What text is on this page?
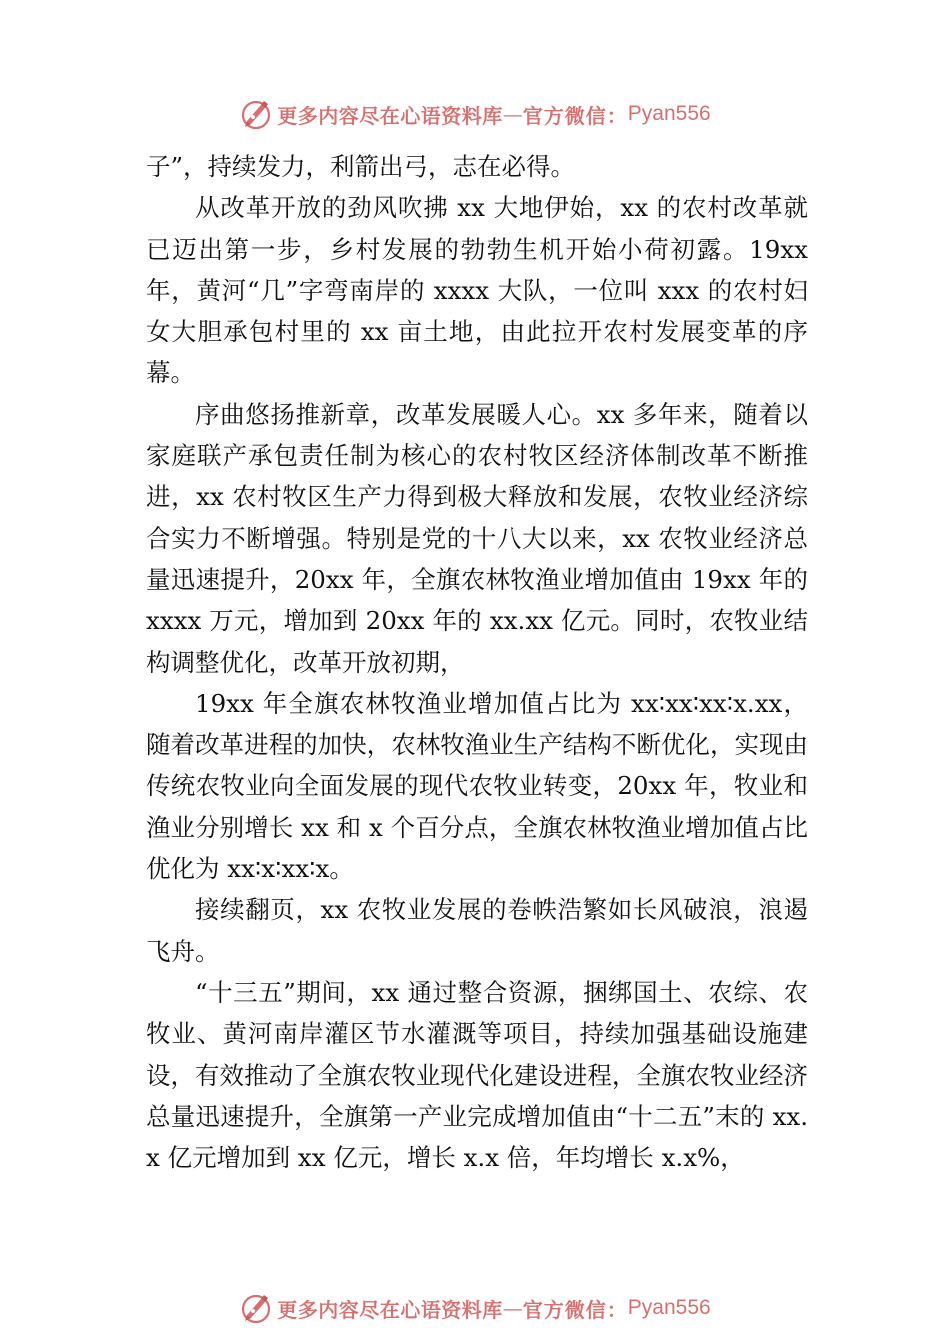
更多内容尽在心语资料库 — 官方微信： Pyan556

子”，持续发力，利箭出弓，志在必得。

从改革开放的劲风吹拂 xx 大地伊始，xx 的农村改革就已迈出第一步，乡村发展的勃勃生机开始小荷初露。19xx 年，黄河“几”字弯南岸的 xxxx 大队，一位叫 xxx 的农村妇女大胆承包村里的 xx 亩土地，由此拉开农村发展变革的序幕。

序曲悠扬推新章，改革发展暖人心。xx 多年来，随着以家庭联产承包责任制为核心的农村牧区经济体制改革不断推进，xx 农村牧区生产力得到极大释放和发展，农牧业经济综合实力不断增强。特别是党的十八大以来，xx 农牧业经济总量迅速提升，20xx 年，全旗农林牧渔业增加值由 19xx 年的 xxxx 万元，增加到 20xx 年的 xx.xx 亿元。同时，农牧业结构调整优化，改革开放初期，

19xx 年全旗农林牧渔业增加值占比为 xx∶xx∶xx∶x.xx，随着改革进程的加快，农林牧渔业生产结构不断优化，实现由传统农牧业向全面发展的现代农牧业转变，20xx 年，牧业和渔业分别增长 xx 和 x 个百分点，全旗农林牧渔业增加值占比优化为 xx∶x∶xx∶x。

接续翻页，xx 农牧业发展的卷帙浩繁如长风破浪，浪遏飞舟。

“十三五”期间，xx 通过整合资源，捆绑国土、农综、农牧业、黄河南岸灌区节水灌溉等项目，持续加强基础设施建设，有效推动了全旗农牧业现代化建设进程，全旗农牧业经济总量迅速提升，全旗第一产业完成增加值由“十二五”末的 xx.x 亿元增加到 xx 亿元，增长 x.x 倍，年均增长 x.x%，

更多内容尽在心语资料库 — 官方微信： Pyan556
